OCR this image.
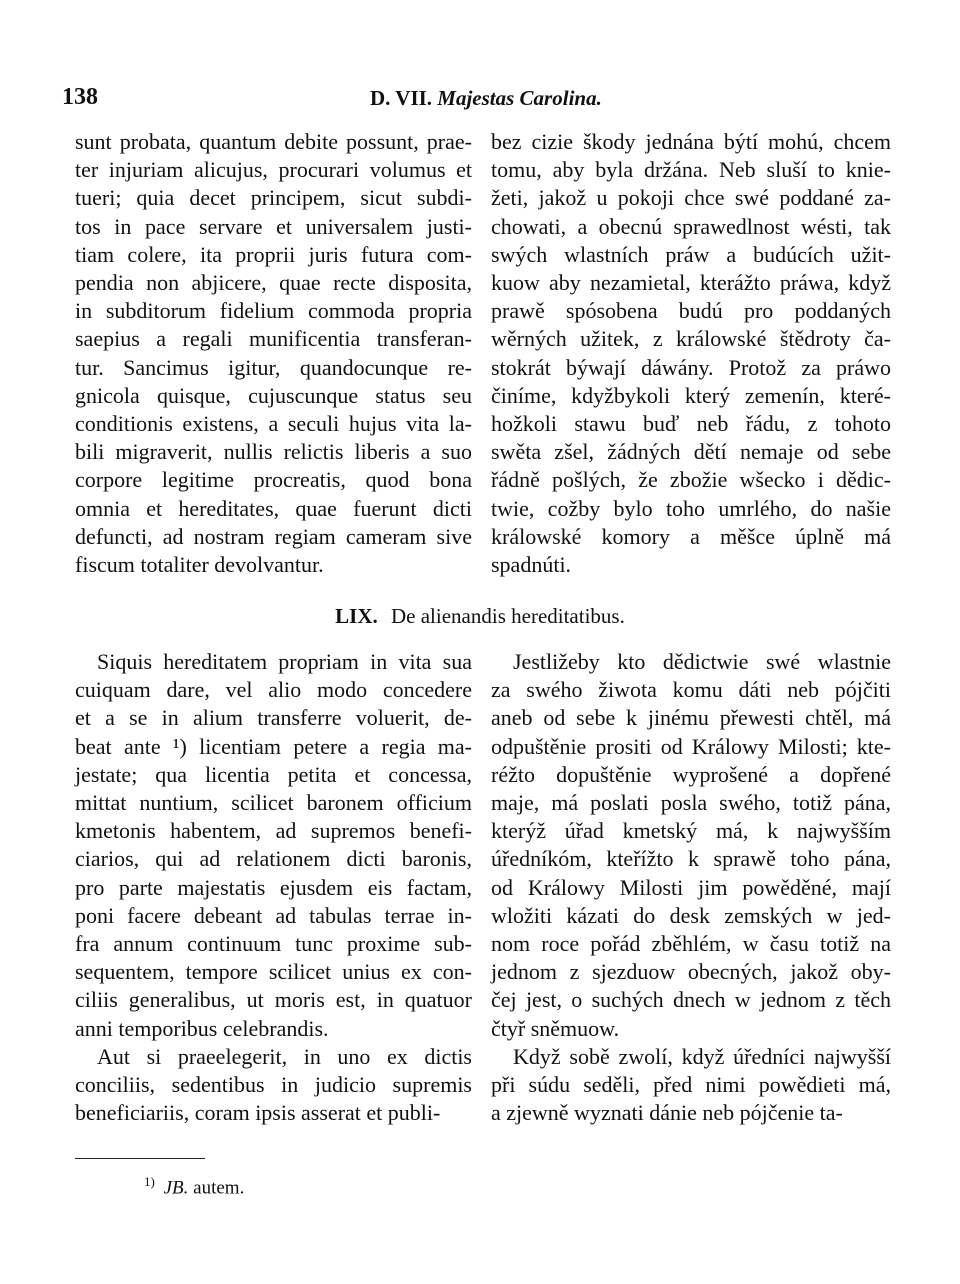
138	D. VII. Majestas Carolina.
sunt probata, quantum debite possunt, prae-
ter injuriam alicujus, procurari volumus et
tueri; quia decet principem, sicut subdi-
tos in pace servare et universalem justi-
tiam colere, ita proprii juris futura com-
pendia non abjicere, quae recte disposita,
in subditorum fidelium commoda propria
saepius a regali munificentia transferan-
tur. Sancimus igitur, quandocunque re-
gnicola quisque, cujuscunque status seu
conditionis existens, a seculi hujus vita la-
bili migraverit, nullis relictis liberis a suo
corpore legitime procreatis, quod bona
omnia et hereditates, quae fuerunt dicti
defuncti, ad nostram regiam cameram sive
fiscum totaliter devolvantur.
bez cizie škody jednána býtí mohú, chcem
tomu, aby byla držána. Neb sluší to knie-
žeti, jakož u pokoji chce swé poddané za-
chowati, a obecnú sprawedlnost wésti, tak
swých wlastních práw a budúcích užit-
kuow aby nezamietal, kterážto práwa, když
prawě spósobena budú pro poddaných
wěrných užitek, z králowské štědroty ča-
stokrát býwají dáwány. Protož za práwo
činíme, kdyžbykoli který zemenín, které-
hožkoli stawu buď neb řádu, z tohoto
swěta zšel, žádných dětí nemaje od sebe
řádně pošlých, že zbožie wšecko i dědic-
twie, cožby bylo toho umrlého, do našie
králowské komory a měšce úplně má
spadnúti.
LIX. De alienandis hereditatibus.
Siquis hereditatem propriam in vita sua
cuiquam dare, vel alio modo concedere
et a se in alium transferre voluerit, de-
beat ante ¹) licentiam petere a regia ma-
jestate; qua licentia petita et concessa,
mittat nuntium, scilicet baronem officium
kmetonis habentem, ad supremos benefi-
ciarios, qui ad relationem dicti baronis,
pro parte majestatis ejusdem eis factam,
poni facere debeant ad tabulas terrae in-
fra annum continuum tunc proxime sub-
sequentem, tempore scilicet unius ex con-
ciliis generalibus, ut moris est, in quatuor
anni temporibus celebrandis.
Aut si praeelegerit, in uno ex dictis
conciliis, sedentibus in judicio supremis
beneficiariis, coram ipsis asserat et publi-
Jestližeby kto dědictwie swé wlastnie
za swého žiwota komu dáti neb pójčiti
aneb od sebe k jinému přewesti chtěl, má
odpuštěnie prositi od Králowy Milosti; kte-
réžto dopuštěnie wyprošené a dopřené
maje, má poslati posla swého, totiž pána,
kterýž úřad kmetský má, k najwyšším
úředníkóm, kteřížto k sprawě toho pána,
od Králowy Milosti jim powěděné, mají
wložiti kázati do desk zemských w jed-
nom roce pořád zběhlém, w času totiž na
jednom z sjezduow obecných, jakož oby-
čej jest, o suchých dnech w jednom z těch
čtyř sněmuow.
Když sobě zwolí, když úředníci najwyšší
při súdu seděli, před nimi powědieti má,
a zjewně wyznati dánie neb pójčenie ta-
$^{1)}$ JB. autem.
